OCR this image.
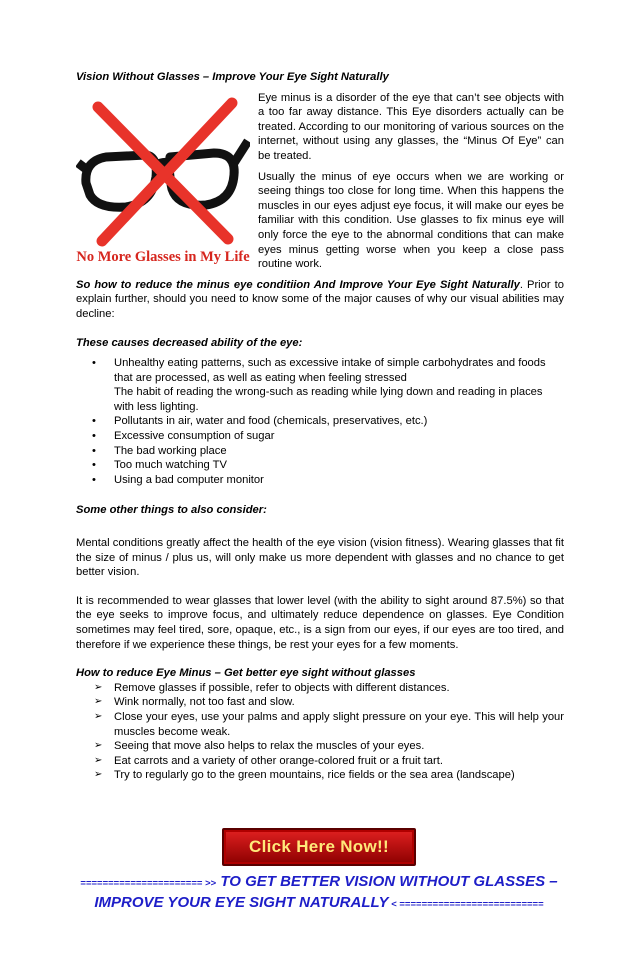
Vision Without Glasses – Improve Your Eye Sight Naturally
No More Glasses in My Life

Eye minus is a disorder of the eye that can’t see objects with a too far away distance. This Eye disorders actually can be treated. According to our monitoring of various sources on the internet, without using any glasses, the “Minus Of Eye” can be treated.

Usually the minus of eye occurs when we are working or seeing things too close for long time. When this happens the muscles in our eyes adjust eye focus, it will make our eyes be familiar with this condition. Use glasses to fix minus eye will only force the eye to the abnormal conditions that can make eyes minus getting worse when you keep a close pass routine work.

So how to reduce the minus eye conditiion And Improve Your Eye Sight Naturally. Prior to explain further, should you need to know some of the major causes of why our visual abilities may decline:

These causes decreased ability of the eye:
• Unhealthy eating patterns, such as excessive intake of simple carbohydrates and foods that are processed, as well as eating when feeling stressed
The habit of reading the wrong-such as reading while lying down and reading in places with less lighting.
• Pollutants in air, water and food (chemicals, preservatives, etc.)
• Excessive consumption of sugar
• The bad working place
• Too much watching TV
• Using a bad computer monitor
Some other things to also consider:

Mental conditions greatly affect the health of the eye vision (vision fitness). Wearing glasses that fit the size of minus / plus us, will only make us more dependent with glasses and no chance to get better vision.

It is recommended to wear glasses that lower level (with the ability to sight around 87.5%) so that the eye seeks to improve focus, and ultimately reduce dependence on glasses. Eye Condition sometimes may feel tired, sore, opaque, etc., is a sign from our eyes, if our eyes are too tired, and therefore if we experience these things, be rest your eyes for a few moments.

How to reduce Eye Minus – Get better eye sight without glasses
➢ Remove glasses if possible, refer to objects with different distances.
➢ Wink normally, not too fast and slow.
➢ Close your eyes, use your palms and apply slight pressure on your eye. This will help your muscles become weak.
➢ Seeing that move also helps to relax the muscles of your eyes.
➢ Eat carrots and a variety of other orange-colored fruit or a fruit tart.
➢ Try to regularly go to the green mountains, rice fields or the sea area (landscape)
Click Here Now!!
====================== >> TO GET BETTER VISION WITHOUT GLASSES –
IMPROVE YOUR EYE SIGHT NATURALLY < ==========================
